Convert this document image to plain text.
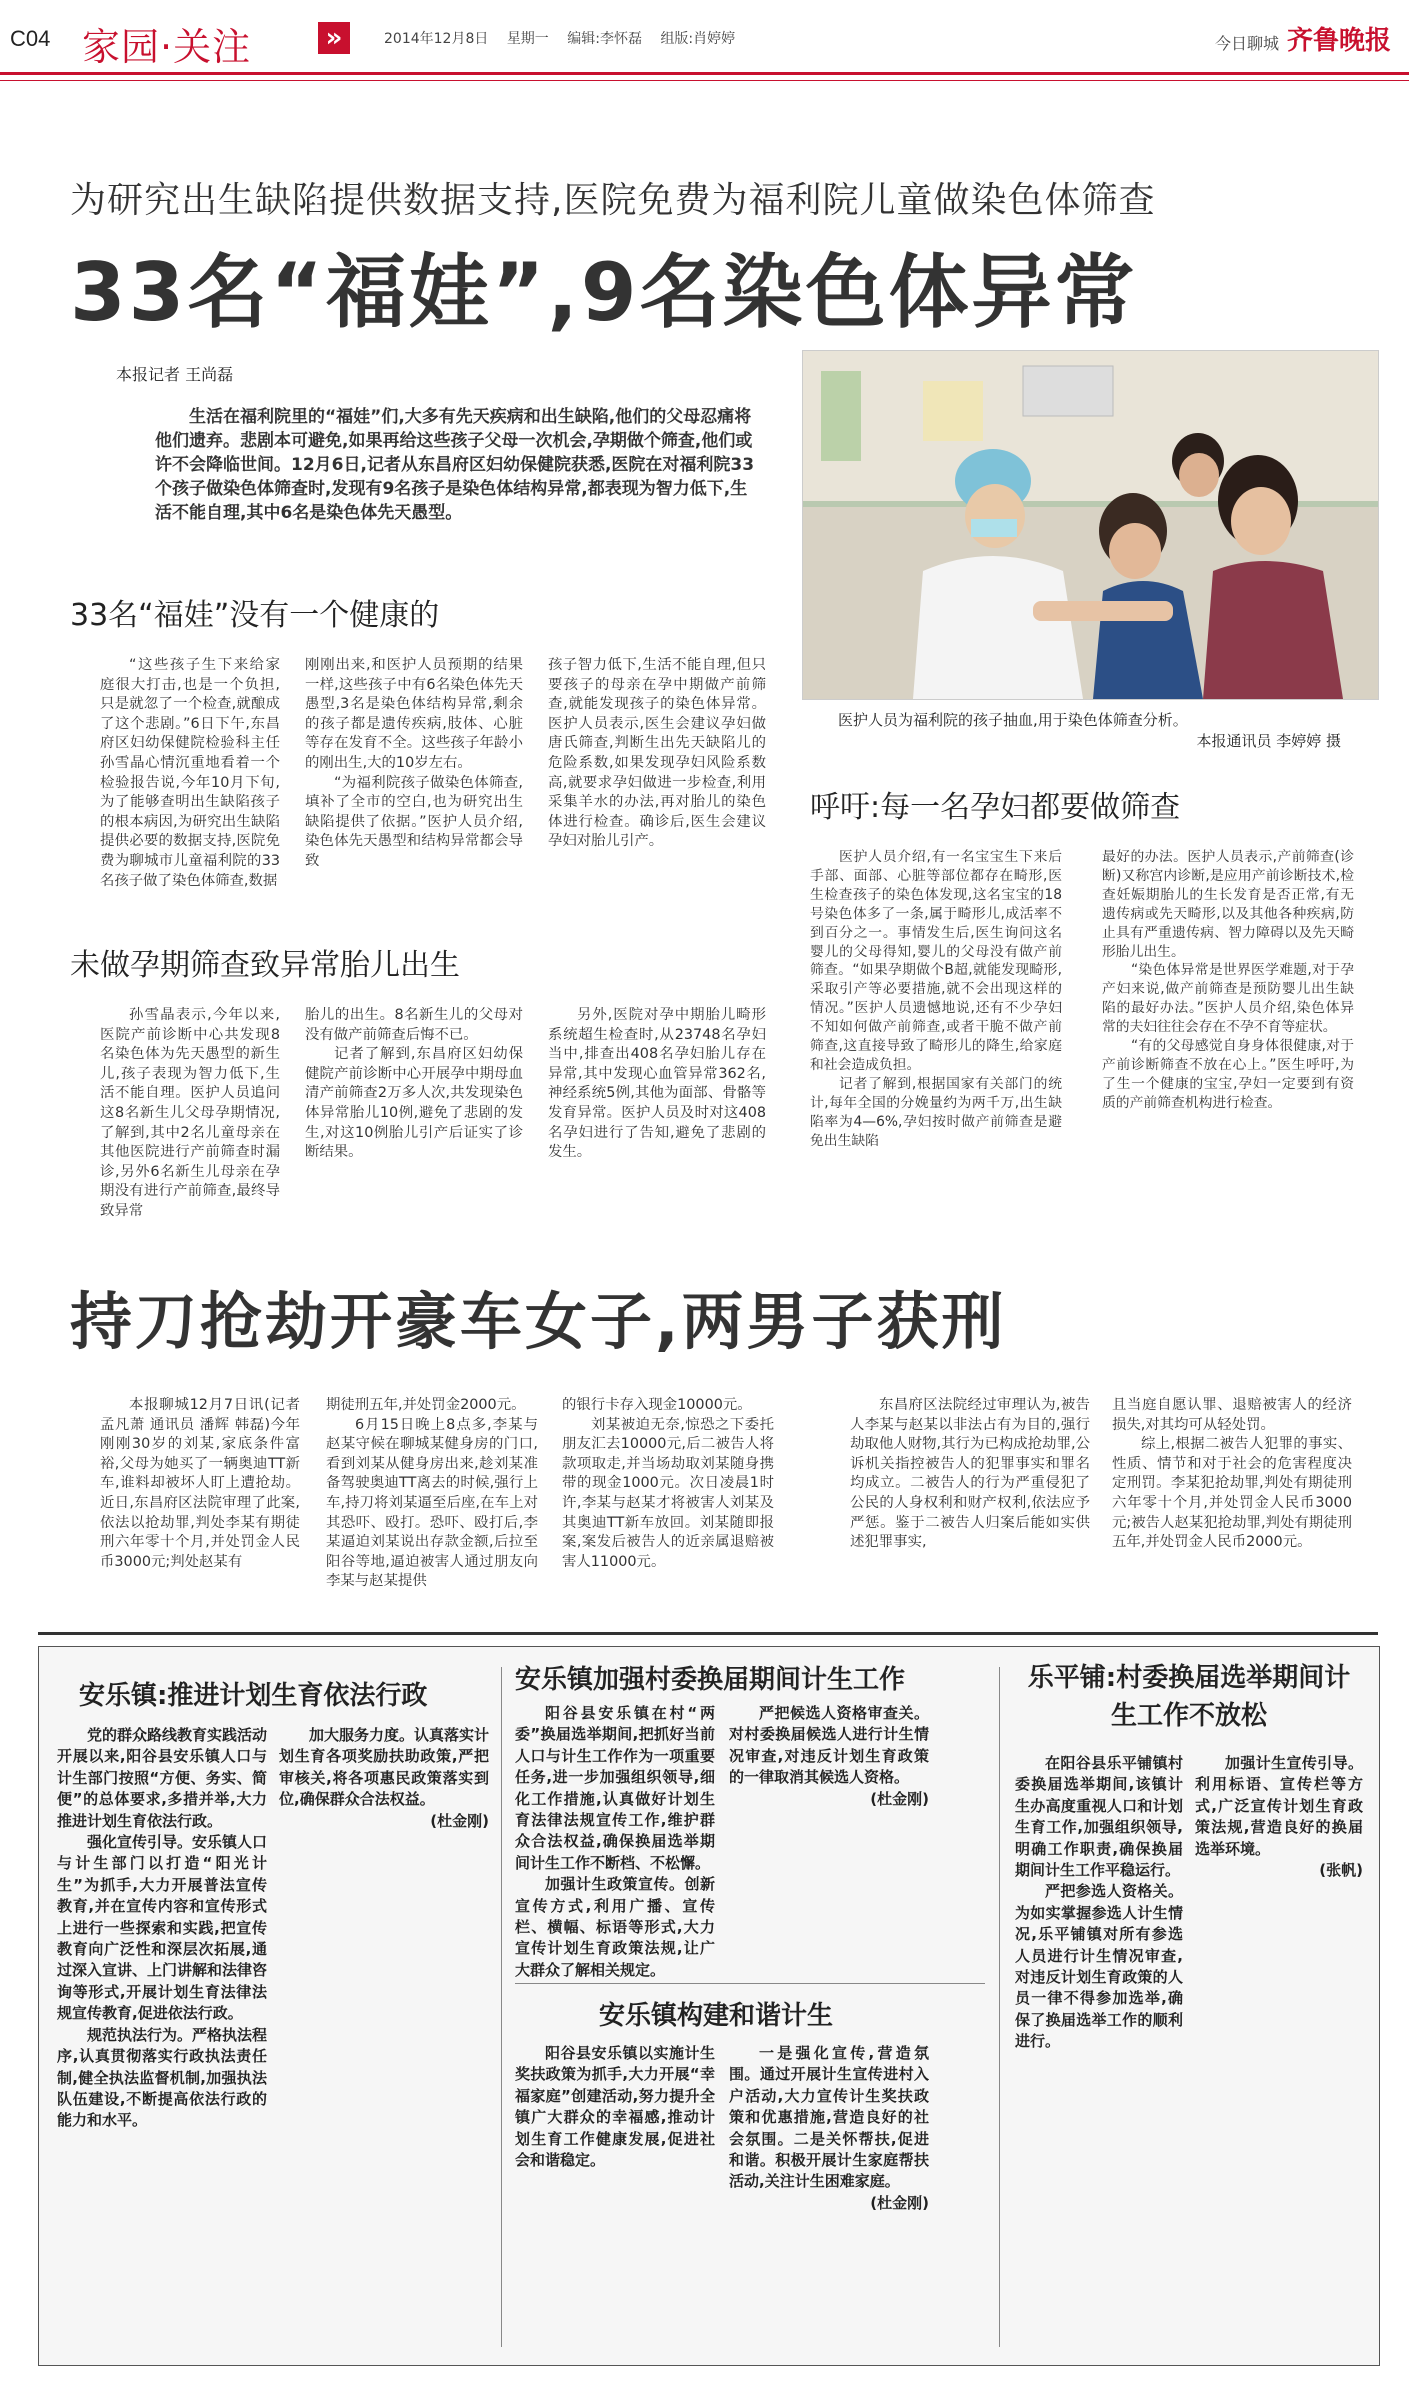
C04 家园·关注	»	2014年12月8日 星期一 编辑:李怀磊 组版:肖婷婷	今日聊城 齐鲁晚报
为研究出生缺陷提供数据支持,医院免费为福利院儿童做染色体筛查
33名“福娃”,9名染色体异常
本报记者 王尚磊
生活在福利院里的“福娃”们,大多有先天疾病和出生缺陷,他们的父母忍痛将他们遗弃。悲剧本可避免,如果再给这些孩子父母一次机会,孕期做个筛查,他们或许不会降临世间。12月6日,记者从东昌府区妇幼保健院获悉,医院在对福利院33个孩子做染色体筛查时,发现有9名孩子是染色体结构异常,都表现为智力低下,生活不能自理,其中6名是染色体先天愚型。
医护人员为福利院的孩子抽血,用于染色体筛查分析。
本报通讯员 李婷婷 摄
33名“福娃”没有一个健康的

“这些孩子生下来给家庭很大打击,也是一个负担,只是就忽了一个检查,就酿成了这个悲剧。”6日下午,东昌府区妇幼保健院检验科主任孙雪晶心情沉重地看着一个检验报告说,今年10月下旬,为了能够查明出生缺陷孩子的根本病因,为研究出生缺陷提供必要的数据支持,医院免费为聊城市儿童福利院的33名孩子做了染色体筛查,数据

刚刚出来,和医护人员预期的结果一样,这些孩子中有6名染色体先天愚型,3名是染色体结构异常,剩余的孩子都是遗传疾病,肢体、心脏等存在发育不全。这些孩子年龄小的刚出生,大的10岁左右。

“为福利院孩子做染色体筛查,填补了全市的空白,也为研究出生缺陷提供了依据。”医护人员介绍,染色体先天愚型和结构异常都会导致

孩子智力低下,生活不能自理,但只要孩子的母亲在孕中期做产前筛查,就能发现孩子的染色体异常。医护人员表示,医生会建议孕妇做唐氏筛查,判断生出先天缺陷儿的危险系数,如果发现孕妇风险系数高,就要求孕妇做进一步检查,利用采集羊水的办法,再对胎儿的染色体进行检查。确诊后,医生会建议孕妇对胎儿引产。

未做孕期筛查致异常胎儿出生

孙雪晶表示,今年以来,医院产前诊断中心共发现8名染色体为先天愚型的新生儿,孩子表现为智力低下,生活不能自理。医护人员追问这8名新生儿父母孕期情况,了解到,其中2名儿童母亲在其他医院进行产前筛查时漏诊,另外6名新生儿母亲在孕期没有进行产前筛查,最终导致异常

胎儿的出生。8名新生儿的父母对没有做产前筛查后悔不已。

记者了解到,东昌府区妇幼保健院产前诊断中心开展孕中期母血清产前筛查2万多人次,共发现染色体异常胎儿10例,避免了悲剧的发生,对这10例胎儿引产后证实了诊断结果。

另外,医院对孕中期胎儿畸形系统超生检查时,从23748名孕妇当中,排查出408名孕妇胎儿存在异常,其中发现心血管异常362名,神经系统5例,其他为面部、骨骼等发育异常。医护人员及时对这408名孕妇进行了告知,避免了悲剧的发生。

呼吁:每一名孕妇都要做筛查

医护人员介绍,有一名宝宝生下来后手部、面部、心脏等部位都存在畸形,医生检查孩子的染色体发现,这名宝宝的18号染色体多了一条,属于畸形儿,成活率不到百分之一。事情发生后,医生询问这名婴儿的父母得知,婴儿的父母没有做产前筛查。“如果孕期做个B超,就能发现畸形,采取引产等必要措施,就不会出现这样的情况。”医护人员遗憾地说,还有不少孕妇不知如何做产前筛查,或者干脆不做产前筛查,这直接导致了畸形儿的降生,给家庭和社会造成负担。

记者了解到,根据国家有关部门的统计,每年全国的分娩量约为两千万,出生缺陷率为4—6%,孕妇按时做产前筛查是避免出生缺陷

最好的办法。医护人员表示,产前筛查(诊断)又称宫内诊断,是应用产前诊断技术,检查妊娠期胎儿的生长发育是否正常,有无遗传病或先天畸形,以及其他各种疾病,防止具有严重遗传病、智力障碍以及先天畸形胎儿出生。

“染色体异常是世界医学难题,对于孕产妇来说,做产前筛查是预防婴儿出生缺陷的最好办法。”医护人员介绍,染色体异常的夫妇往往会存在不孕不育等症状。

“有的父母感觉自身身体很健康,对于产前诊断筛查不放在心上。”医生呼吁,为了生一个健康的宝宝,孕妇一定要到有资质的产前筛查机构进行检查。

持刀抢劫开豪车女子,两男子获刑

本报聊城12月7日讯(记者 孟凡萧 通讯员 潘辉 韩磊)今年刚刚30岁的刘某,家底条件富裕,父母为她买了一辆奥迪TT新车,谁料却被坏人盯上遭抢劫。近日,东昌府区法院审理了此案,依法以抢劫罪,判处李某有期徒刑六年零十个月,并处罚金人民币3000元;判处赵某有

期徒刑五年,并处罚金2000元。

6月15日晚上8点多,李某与赵某守候在聊城某健身房的门口,看到刘某从健身房出来,趁刘某准备驾驶奥迪TT离去的时候,强行上车,持刀将刘某逼至后座,在车上对其恐吓、殴打。恐吓、殴打后,李某逼迫刘某说出存款金额,后拉至阳谷等地,逼迫被害人通过朋友向李某与赵某提供

的银行卡存入现金10000元。

刘某被迫无奈,惊恐之下委托朋友汇去10000元,后二被告人将款项取走,并当场劫取刘某随身携带的现金1000元。次日凌晨1时许,李某与赵某才将被害人刘某及其奥迪TT新车放回。刘某随即报案,案发后被告人的近亲属退赔被害人11000元。

东昌府区法院经过审理认为,被告人李某与赵某以非法占有为目的,强行劫取他人财物,其行为已构成抢劫罪,公诉机关指控被告人的犯罪事实和罪名均成立。二被告人的行为严重侵犯了公民的人身权利和财产权利,依法应予严惩。鉴于二被告人归案后能如实供述犯罪事实,

且当庭自愿认罪、退赔被害人的经济损失,对其均可从轻处罚。

综上,根据二被告人犯罪的事实、性质、情节和对于社会的危害程度决定刑罚。李某犯抢劫罪,判处有期徒刑六年零十个月,并处罚金人民币3000元;被告人赵某犯抢劫罪,判处有期徒刑五年,并处罚金人民币2000元。

安乐镇:推进计划生育依法行政

党的群众路线教育实践活动开展以来,阳谷县安乐镇人口与计生部门按照“方便、务实、简便”的总体要求,多措并举,大力推进计划生育依法行政。

强化宣传引导。安乐镇人口与计生部门以打造“阳光计生”为抓手,大力开展普法宣传教育,并在宣传内容和宣传形式上进行一些探索和实践,把宣传教育向广泛性和深层次拓展,通过深入宣讲、上门讲解和法律咨询等形式,开展计划生育法律法规宣传教育,促进依法行政。

规范执法行为。严格执法程序,认真贯彻落实行政执法责任制,健全执法监督机制,加强执法队伍建设,不断提高依法行政的能力和水平。

加大服务力度。认真落实计划生育各项奖励扶助政策,严把审核关,将各项惠民政策落实到位,确保群众合法权益。

(杜金刚)

安乐镇加强村委换届期间计生工作

阳谷县安乐镇在村“两委”换届选举期间,把抓好当前人口与计生工作作为一项重要任务,进一步加强组织领导,细化工作措施,认真做好计划生育法律法规宣传工作,维护群众合法权益,确保换届选举期间计生工作不断档、不松懈。

加强计生政策宣传。创新宣传方式,利用广播、宣传栏、横幅、标语等形式,大力宣传计划生育政策法规,让广大群众了解相关规定。

严把候选人资格审查关。对村委换届候选人进行计生情况审查,对违反计划生育政策的一律取消其候选人资格。

(杜金刚)

安乐镇构建和谐计生

阳谷县安乐镇以实施计生奖扶政策为抓手,大力开展“幸福家庭”创建活动,努力提升全镇广大群众的幸福感,推动计划生育工作健康发展,促进社会和谐稳定。

一是强化宣传,营造氛围。通过开展计生宣传进村入户活动,大力宣传计生奖扶政策和优惠措施,营造良好的社会氛围。二是关怀帮扶,促进和谐。积极开展计生家庭帮扶活动,关注计生困难家庭。

(杜金刚)

乐平铺:村委换届选举期间计生工作不放松

在阳谷县乐平铺镇村委换届选举期间,该镇计生办高度重视人口和计划生育工作,加强组织领导,明确工作职责,确保换届期间计生工作平稳运行。

严把参选人资格关。为如实掌握参选人计生情况,乐平铺镇对所有参选人员进行计生情况审查,对违反计划生育政策的人员一律不得参加选举,确保了换届选举工作的顺利进行。

加强计生宣传引导。利用标语、宣传栏等方式,广泛宣传计划生育政策法规,营造良好的换届选举环境。

(张帆)
